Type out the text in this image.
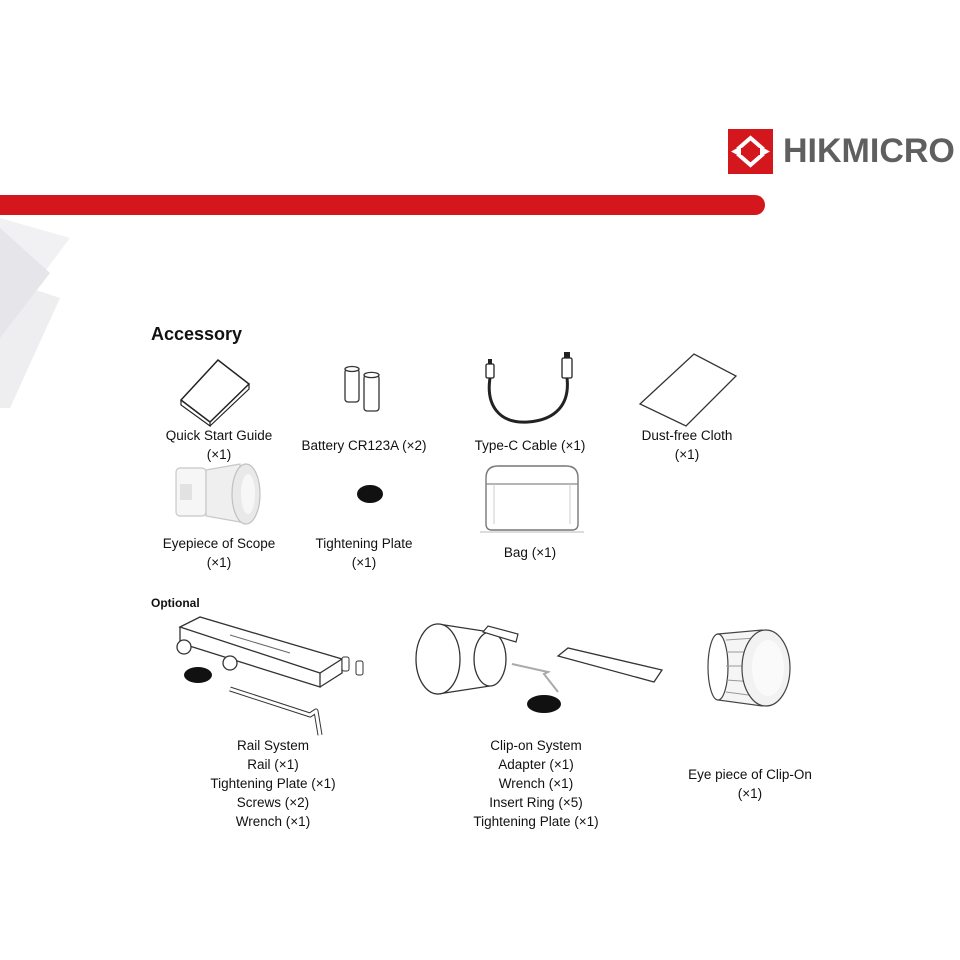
HIKMICRO
Accessory
Optional
Quick Start Guide
(×1)
Battery CR123A (×2)	Type-C Cable (×1)
Dust-free Cloth
(×1)
Eyepiece of Scope
(×1)
Tightening Plate
(×1)
Bag (×1)
Rail System
Rail (×1)
Tightening Plate (×1)
Screws (×2)
Wrench (×1)
Clip-on System
Adapter (×1)
Wrench (×1)
Insert Ring (×5)
Tightening Plate (×1)
Eye piece of Clip-On
(×1)
